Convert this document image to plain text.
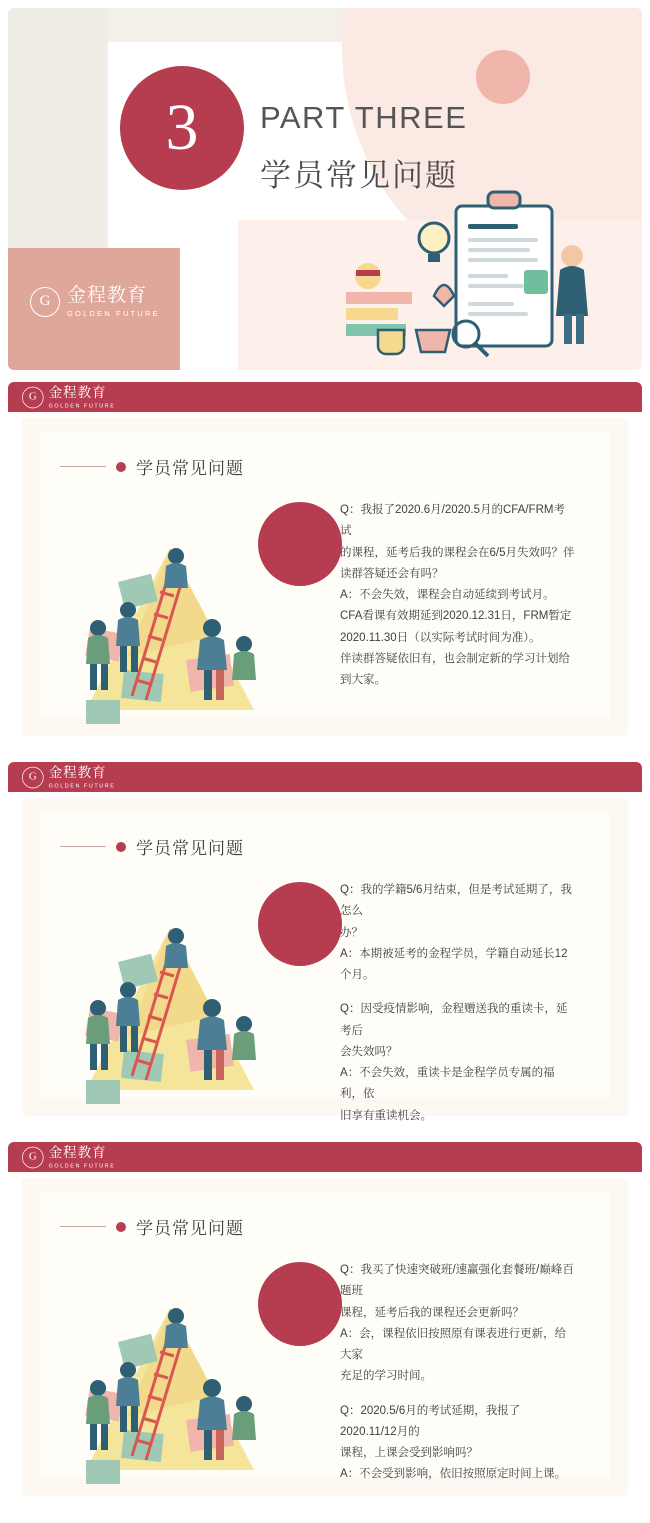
3 PART THREE
学员常见问题
G 金程教育
GOLDEN FUTURE
G 金程教育
GOLDEN FUTURE
学员常见问题

Q：我报了2020.6月/2020.5月的CFA/FRM考试

的课程，延考后我的课程会在6/5月失效吗？伴

读群答疑还会有吗？

A：不会失效，课程会自动延续到考试月。

CFA看课有效期延到2020.12.31日，FRM暂定

2020.11.30日（以实际考试时间为准）。

伴读群答疑依旧有，也会制定新的学习计划给

到大家。

G 金程教育
GOLDEN FUTURE
学员常见问题

Q：我的学籍5/6月结束，但是考试延期了，我怎么

办？

A：本期被延考的金程学员，学籍自动延长12个月。

Q：因受疫情影响，金程赠送我的重读卡，延考后

会失效吗？

A：不会失效，重读卡是金程学员专属的福利，依

旧享有重读机会。

G 金程教育
GOLDEN FUTURE
学员常见问题

Q：我买了快速突破班/速赢强化套餐班/巅峰百题班

课程，延考后我的课程还会更新吗？

A：会，课程依旧按照原有课表进行更新，给大家

充足的学习时间。

Q：2020.5/6月的考试延期，我报了2020.11/12月的

课程，上课会受到影响吗？

A：不会受到影响，依旧按照原定时间上课。
